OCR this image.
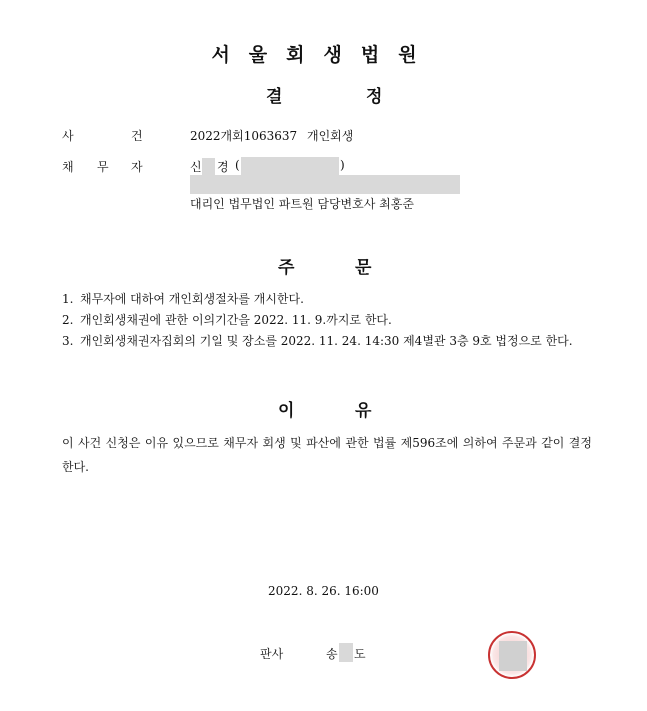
서울회생법원
결	정
사	건	2022개회1063637 개인회생
채 무 자	신 경 (	)
대리인 법무법인 파트원 담당변호사 최홍준
주	문
1. 채무자에 대하여 개인회생절차를 개시한다.
2. 개인회생채권에 관한 이의기간을 2022. 11. 9.까지로 한다.
3. 개인회생채권자집회의 기일 및 장소를 2022. 11. 24. 14:30 제4별관 3층 9호 법정으로 한다.
이	유
이 사건 신청은 이유 있으므로 채무자 회생 및 파산에 관한 법률 제596조에 의하여 주문과 같이 결정한다.
2022. 8. 26. 16:00
판사	송 도
